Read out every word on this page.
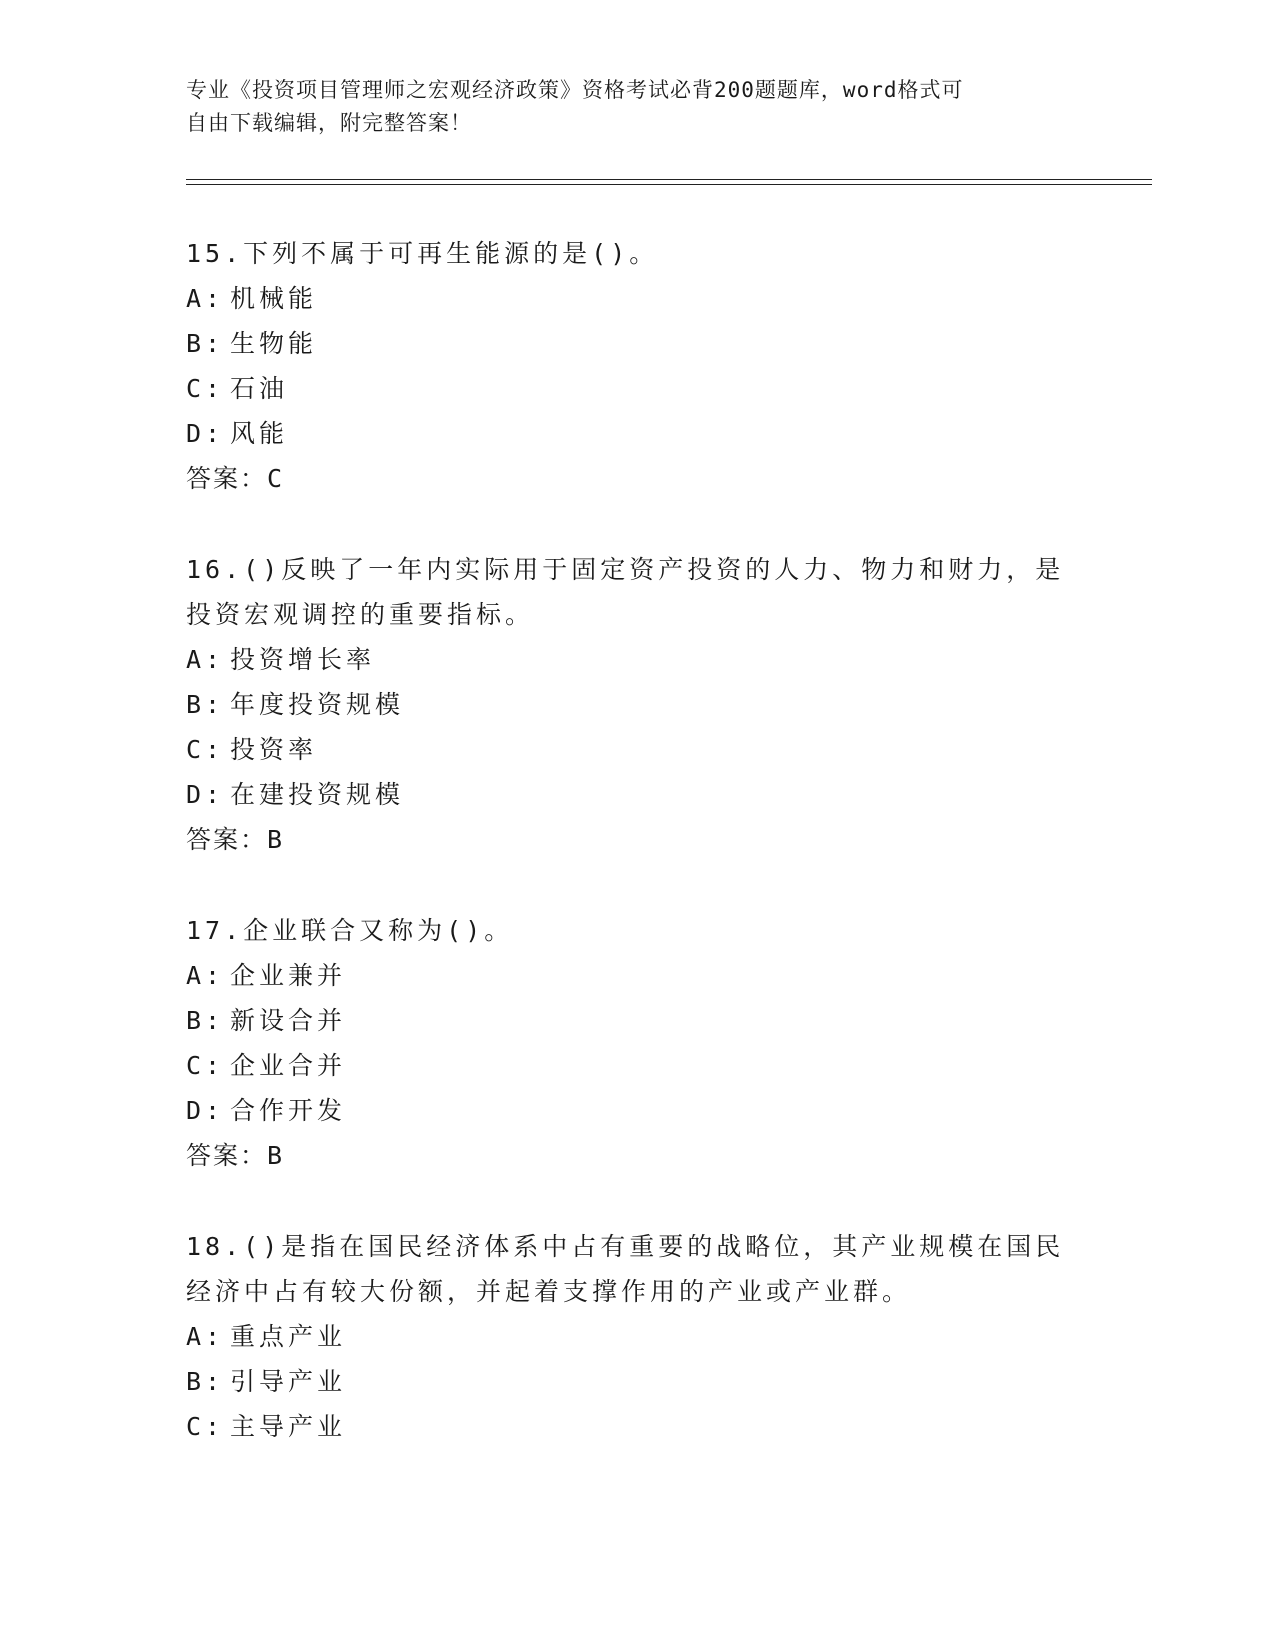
专业《投资项目管理师之宏观经济政策》资格考试必背200题题库，word格式可
自由下载编辑，附完整答案！
15.下列不属于可再生能源的是()。
A: 机械能
B: 生物能
C: 石油
D: 风能
答案：C
16.()反映了一年内实际用于固定资产投资的人力、物力和财力，是投资宏观调控的重要指标。
A: 投资增长率
B: 年度投资规模
C: 投资率
D: 在建投资规模
答案：B
17.企业联合又称为()。
A: 企业兼并
B: 新设合并
C: 企业合并
D: 合作开发
答案：B
18.()是指在国民经济体系中占有重要的战略位，其产业规模在国民经济中占有较大份额，并起着支撑作用的产业或产业群。
A: 重点产业
B: 引导产业
C: 主导产业
